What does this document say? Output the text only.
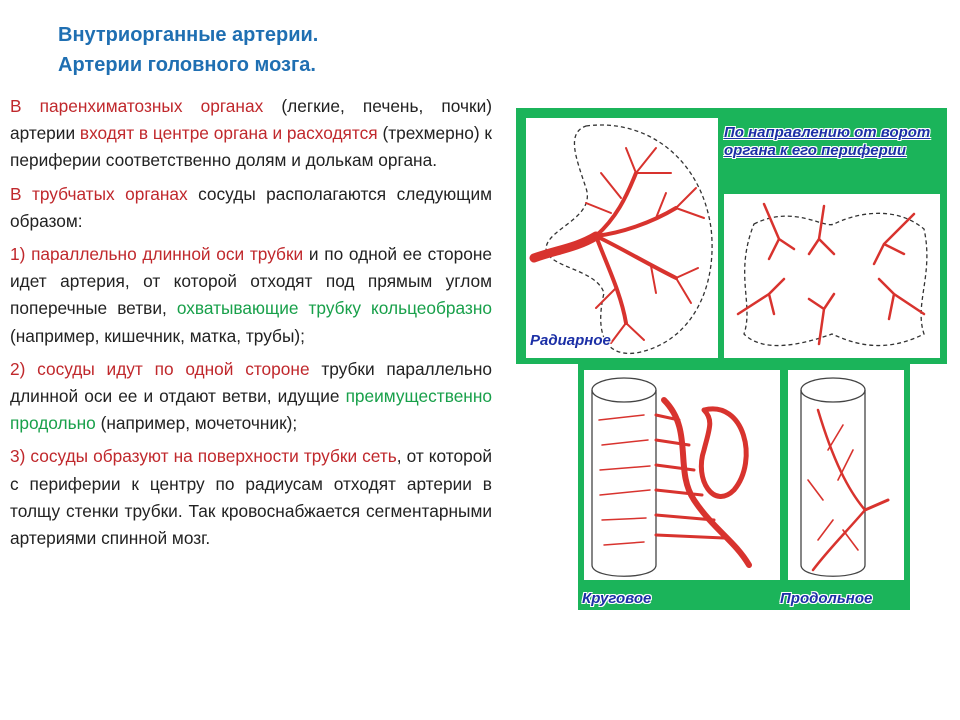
Внутриорганные артерии.
Артерии головного мозга.

В паренхиматозных органах (легкие, печень, почки) артерии входят в центре органа и расходятся (трехмерно) к периферии соответственно долям и долькам органа.

В трубчатых органах сосуды располагаются следующим образом:

1) параллельно длинной оси трубки и по одной ее стороне идет артерия, от которой отходят под прямым углом поперечные ветви, охватывающие трубку кольцеобразно (например, кишечник, матка, трубы);

2) сосуды идут по одной стороне трубки параллельно длинной оси ее и отдают ветви, идущие преимущественно продольно (например, мочеточник);

3) сосуды образуют на поверхности трубки сеть, от которой с периферии к центру по радиусам отходят артерии в толщу стенки трубки. Так кровоснабжается сегментарными артериями спинной мозг.

По направлению от ворот органа к его периферии
Радиарное
Круговое	Продольное
